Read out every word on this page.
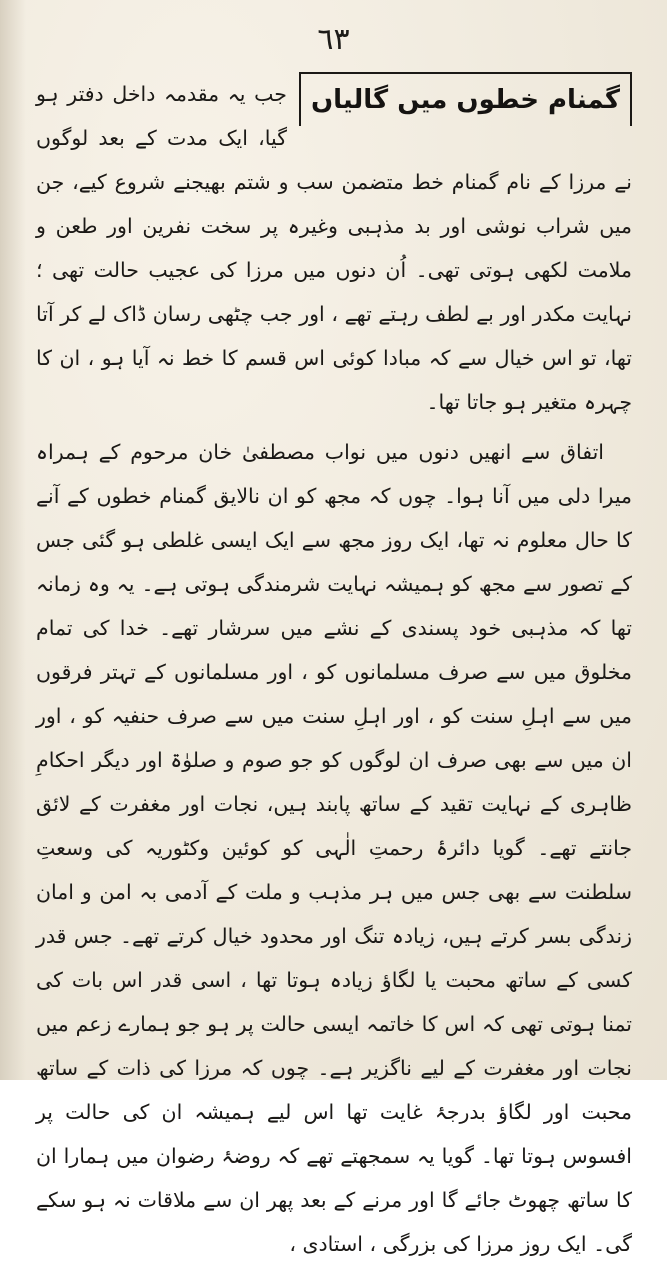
٦٣

گمنام خطوں میں گالیاں
جب یہ مقدمہ داخل دفتر ہو گیا، ایک مدت کے بعد لوگوں نے مرزا کے نام گمنام خط متضمن سب و شتم بھیجنے شروع کیے، جن میں شراب نوشی اور بد مذہبی وغیرہ پر سخت نفرین اور طعن و ملامت لکھی ہوتی تھی۔ اُن دنوں میں مرزا کی عجیب حالت تھی ؛ نہایت مکدر اور بے لطف رہتے تھے ، اور جب چٹھی رسان ڈاک لے کر آتا تھا، تو اس خیال سے کہ مبادا کوئی اس قسم کا خط نہ آیا ہو ، ان کا چہرہ متغیر ہو جاتا تھا۔

اتفاق سے انھیں دنوں میں نواب مصطفیٰ خان مرحوم کے ہمراہ میرا دلی میں آنا ہوا۔ چوں کہ مجھ کو ان نالایق گمنام خطوں کے آنے کا حال معلوم نہ تھا، ایک روز مجھ سے ایک ایسی غلطی ہو گئی جس کے تصور سے مجھ کو ہمیشہ نہایت شرمندگی ہوتی ہے۔ یہ وہ زمانہ تھا کہ مذہبی خود پسندی کے نشے میں سرشار تھے۔ خدا کی تمام مخلوق میں سے صرف مسلمانوں کو ، اور مسلمانوں کے تہتر فرقوں میں سے اہلِ سنت کو ، اور اہلِ سنت میں سے صرف حنفیہ کو ، اور ان میں سے بھی صرف ان لوگوں کو جو صوم و صلوٰۃ اور دیگر احکامِ ظاہری کے نہایت تقید کے ساتھ پابند ہیں، نجات اور مغفرت کے لائق جانتے تھے۔ گویا دائرۂ رحمتِ الٰہی کو کوئین وکٹوریہ کی وسعتِ سلطنت سے بھی جس میں ہر مذہب و ملت کے آدمی بہ امن و امان زندگی بسر کرتے ہیں، زیادہ تنگ اور محدود خیال کرتے تھے۔ جس قدر کسی کے ساتھ محبت یا لگاؤ زیادہ ہوتا تھا ، اسی قدر اس بات کی تمنا ہوتی تھی کہ اس کا خاتمہ ایسی حالت پر ہو جو ہمارے زعم میں نجات اور مغفرت کے لیے ناگزیر ہے۔ چوں کہ مرزا کی ذات کے ساتھ محبت اور لگاؤ بدرجۂ غایت تھا اس لیے ہمیشہ ان کی حالت پر افسوس ہوتا تھا۔ گویا یہ سمجھتے تھے کہ روضۂ رضوان میں ہمارا ان کا ساتھ چھوٹ جائے گا اور مرنے کے بعد پھر ان سے ملاقات نہ ہو سکے گی۔ ایک روز مرزا کی بزرگی ، استادی ،
